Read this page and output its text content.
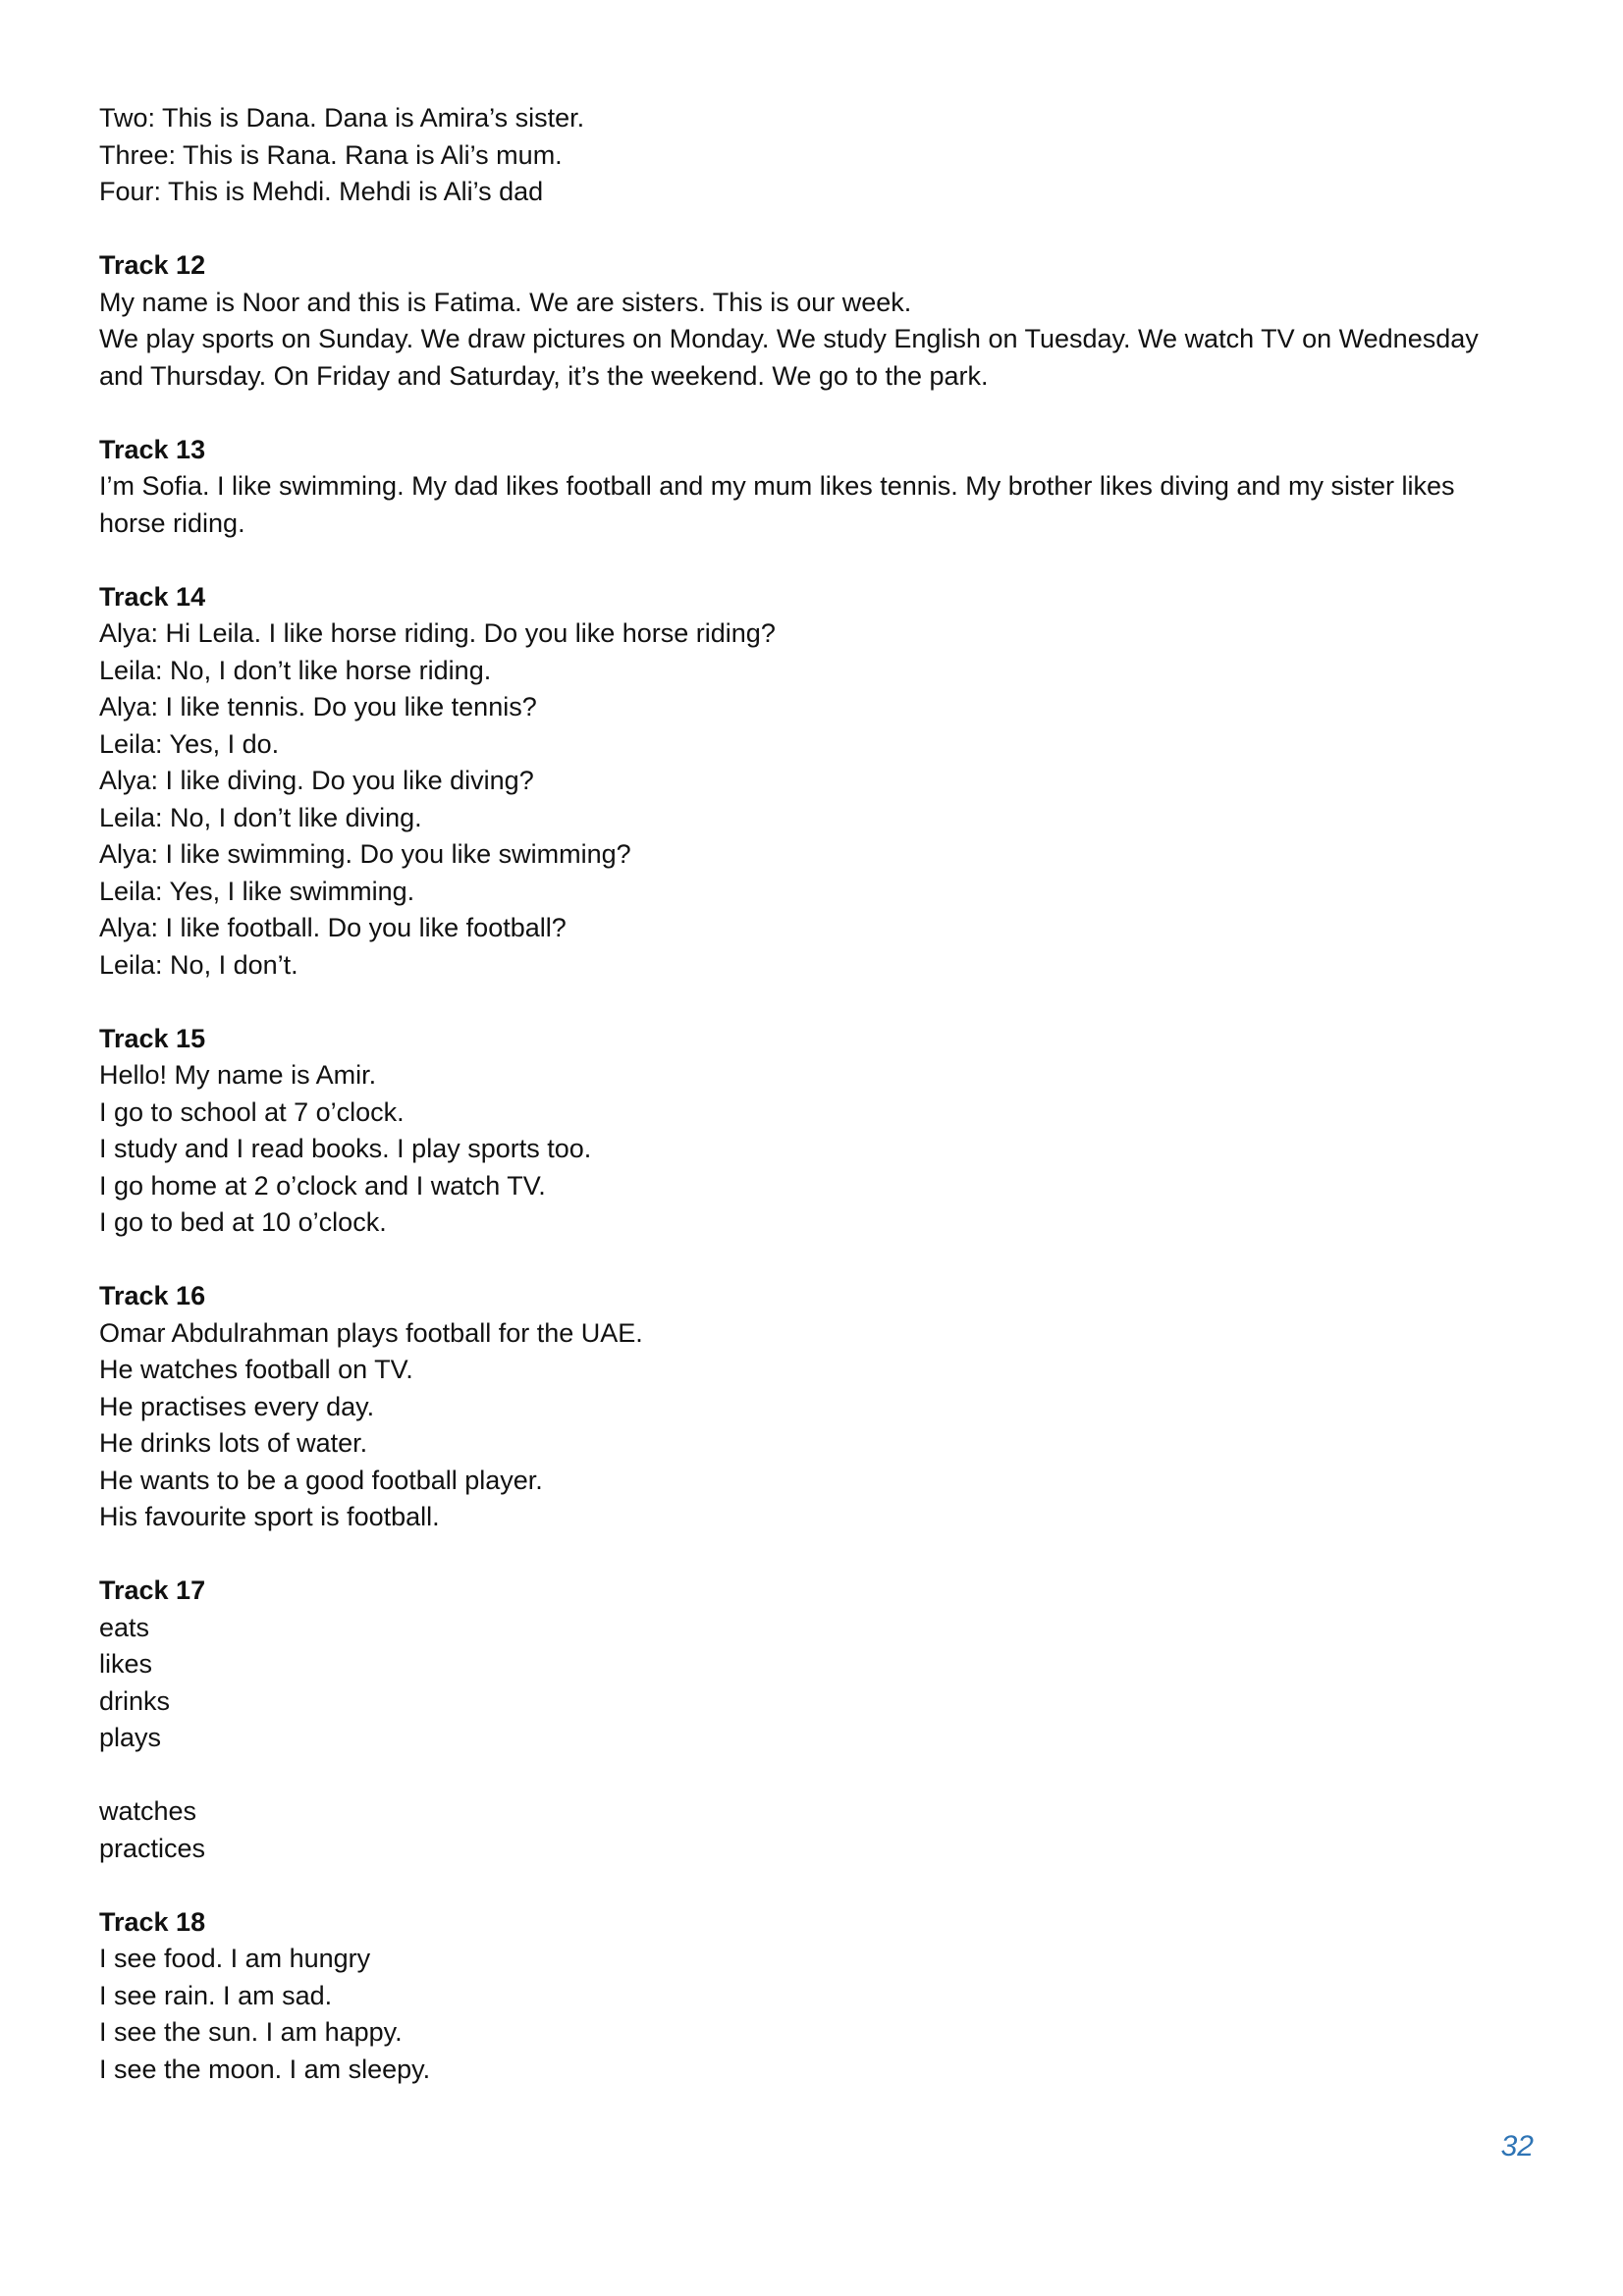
Two: This is Dana. Dana is Amira’s sister.
Three: This is Rana. Rana is Ali’s mum.
Four: This is Mehdi. Mehdi is Ali’s dad
Track 12
My name is Noor and this is Fatima. We are sisters. This is our week.
We play sports on Sunday. We draw pictures on Monday. We study English on Tuesday. We watch TV on Wednesday
and Thursday. On Friday and Saturday, it’s the weekend. We go to the park.
Track 13
I’m Sofia. I like swimming. My dad likes football and my mum likes tennis. My brother likes diving and my sister likes
horse riding.
Track 14
Alya: Hi Leila. I like horse riding. Do you like horse riding?
Leila: No, I don’t like horse riding.
Alya: I like tennis. Do you like tennis?
Leila: Yes, I do.
Alya: I like diving. Do you like diving?
Leila: No, I don’t like diving.
Alya: I like swimming. Do you like swimming?
Leila: Yes, I like swimming.
Alya: I like football. Do you like football?
Leila: No, I don’t.
Track 15
Hello! My name is Amir.
I go to school at 7 o’clock.
I study and I read books. I play sports too.
I go home at 2 o’clock and I watch TV.
I go to bed at 10 o’clock.
Track 16
Omar Abdulrahman plays football for the UAE.
He watches football on TV.
He practises every day.
He drinks lots of water.
He wants to be a good football player.
His favourite sport is football.
Track 17
eats
likes
drinks
plays
watches
practices
Track 18
I see food. I am hungry
I see rain. I am sad.
I see the sun. I am happy.
I see the moon. I am sleepy.
32
